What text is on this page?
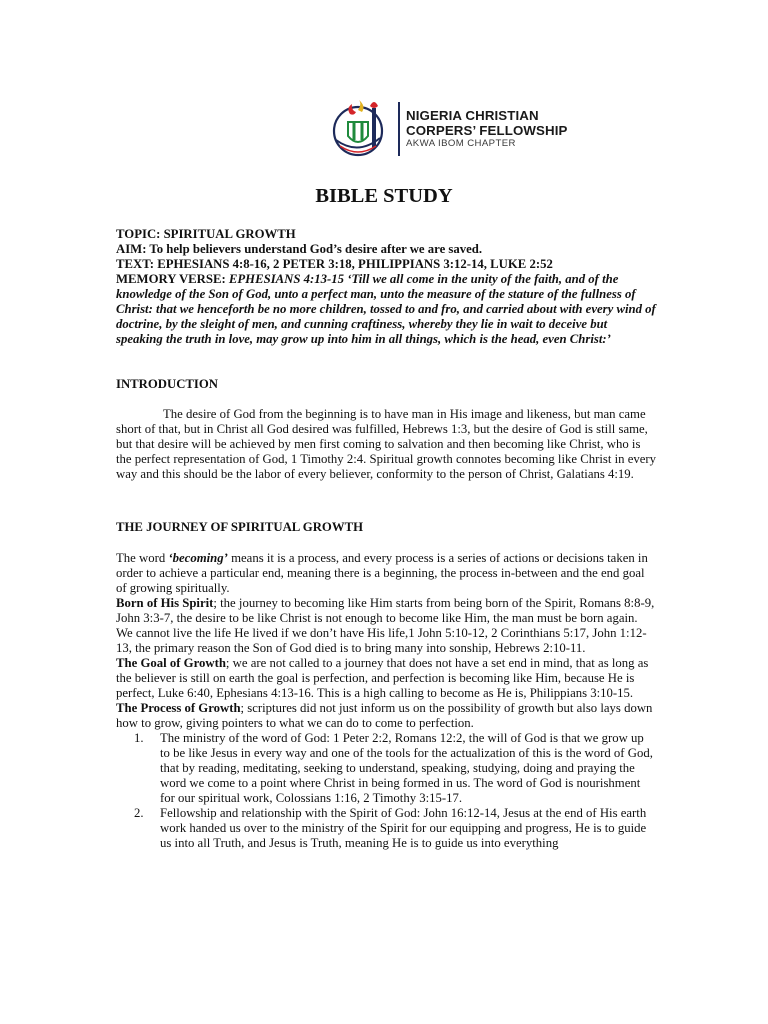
NIGERIA CHRISTIAN
CORPERS’ FELLOWSHIP
AKWA IBOM CHAPTER
BIBLE STUDY

TOPIC: SPIRITUAL GROWTH

AIM: To help believers understand God’s desire after we are saved.

TEXT: EPHESIANS 4:8-16, 2 PETER 3:18, PHILIPPIANS 3:12-14, LUKE 2:52

MEMORY VERSE: EPHESIANS 4:13-15 ‘Till we all come in the unity of the faith, and of the knowledge of the Son of God, unto a perfect man, unto the measure of the stature of the fullness of Christ: that we henceforth be no more children, tossed to and fro, and carried about with every wind of doctrine, by the sleight of men, and cunning craftiness, whereby they lie in wait to deceive but speaking the truth in love, may grow up into him in all things, which is the head, even Christ:’

INTRODUCTION

The desire of God from the beginning is to have man in His image and likeness, but man came short of that, but in Christ all God desired was fulfilled, Hebrews 1:3, but the desire of God is still same, but that desire will be achieved by men first coming to salvation and then becoming like Christ, who is the perfect representation of God, 1 Timothy 2:4. Spiritual growth connotes becoming like Christ in every way and this should be the labor of every believer, conformity to the person of Christ, Galatians 4:19.

THE JOURNEY OF SPIRITUAL GROWTH

The word ‘becoming’ means it is a process, and every process is a series of actions or decisions taken in order to achieve a particular end, meaning there is a beginning, the process in-between and the end goal of growing spiritually.

Born of His Spirit; the journey to becoming like Him starts from being born of the Spirit, Romans 8:8-9, John 3:3-7, the desire to be like Christ is not enough to become like Him, the man must be born again. We cannot live the life He lived if we don’t have His life,1 John 5:10-12, 2 Corinthians 5:17, John 1:12-13, the primary reason the Son of God died is to bring many into sonship, Hebrews 2:10-11.

The Goal of Growth; we are not called to a journey that does not have a set end in mind, that as long as the believer is still on earth the goal is perfection, and perfection is becoming like Him, because He is perfect, Luke 6:40, Ephesians 4:13-16. This is a high calling to become as He is, Philippians 3:10-15.

The Process of Growth; scriptures did not just inform us on the possibility of growth but also lays down how to grow, giving pointers to what we can do to come to perfection.

1. The ministry of the word of God: 1 Peter 2:2, Romans 12:2, the will of God is that we grow up to be like Jesus in every way and one of the tools for the actualization of this is the word of God, that by reading, meditating, seeking to understand, speaking, studying, doing and praying the word we come to a point where Christ in being formed in us. The word of God is nourishment for our spiritual work, Colossians 1:16, 2 Timothy 3:15-17.
2. Fellowship and relationship with the Spirit of God: John 16:12-14, Jesus at the end of His earth work handed us over to the ministry of the Spirit for our equipping and progress, He is to guide us into all Truth, and Jesus is Truth, meaning He is to guide us into everything
